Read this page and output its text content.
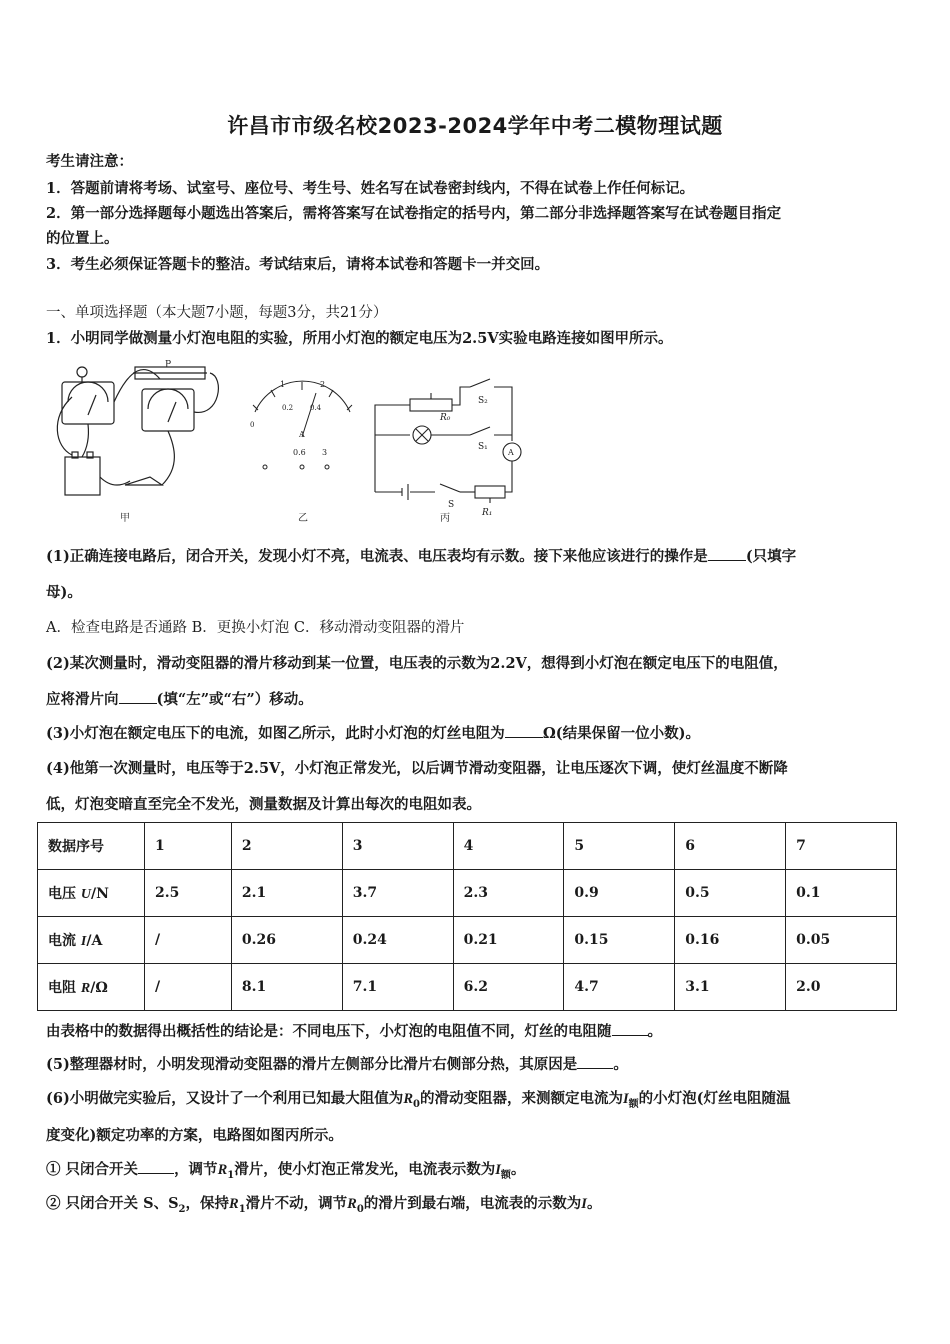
许昌市市级名校2023-2024学年中考二模物理试题
考生请注意：
1．答题前请将考场、试室号、座位号、考生号、姓名写在试卷密封线内，不得在试卷上作任何标记。
2．第一部分选择题每小题选出答案后，需将答案写在试卷指定的括号内，第二部分非选择题答案写在试卷题目指定
的位置上。
3．考生必须保证答题卡的整洁。考试结束后，请将本试卷和答题卡一并交回。
一、单项选择题（本大题7小题，每题3分，共21分）
1．小明同学做测量小灯泡电阻的实验，所用小灯泡的额定电压为2.5V实验电路连接如图甲所示。
P
甲
1	2
0.2 0.4
0
A
0.6 3
乙
S₂
R₀
S₁
A
S
R₁
丙
(1)正确连接电路后，闭合开关，发现小灯不亮，电流表、电压表均有示数。接下来他应该进行的操作是	(只填字
母)。
A．检查电路是否通路 B．更换小灯泡 C．移动滑动变阻器的滑片
(2)某次测量时，滑动变阻器的滑片移动到某一位置，电压表的示数为2.2V，想得到小灯泡在额定电压下的电阻值，
应将滑片向	(填“左”或“右”）移动。
(3)小灯泡在额定电压下的电流，如图乙所示，此时小灯泡的灯丝电阻为	Ω(结果保留一位小数)。
(4)他第一次测量时，电压等于2.5V，小灯泡正常发光，以后调节滑动变阻器，让电压逐次下调，使灯丝温度不断降
低，灯泡变暗直至完全不发光，测量数据及计算出每次的电阻如表。
数据序号	1	2	3	4	5	6	7
电压 U/N	2.5	2.1	3.7	2.3	0.9	0.5	0.1
电流 I/A	/	0.26	0.24	0.21	0.15	0.16	0.05
电阻 R/Ω	/	8.1	7.1	6.2	4.7	3.1	2.0
由表格中的数据得出概括性的结论是：不同电压下，小灯泡的电阻值不同，灯丝的电阻随 。
(5)整理器材时，小明发现滑动变阻器的滑片左侧部分比滑片右侧部分热，其原因是 。
(6)小明做完实验后，又设计了一个利用已知最大阻值为$R_0$的滑动变阻器，来测额定电流为$I_额$的小灯泡(灯丝电阻随温
度变化)额定功率的方案，电路图如图丙所示。
① 只闭合开关 ，调节$R_1$滑片，使小灯泡正常发光，电流表示数为$I_额$。
② 只闭合开关 S、$S_2$，保持$R_1$滑片不动，调节$R_0$的滑片到最右端，电流表的示数为I。
